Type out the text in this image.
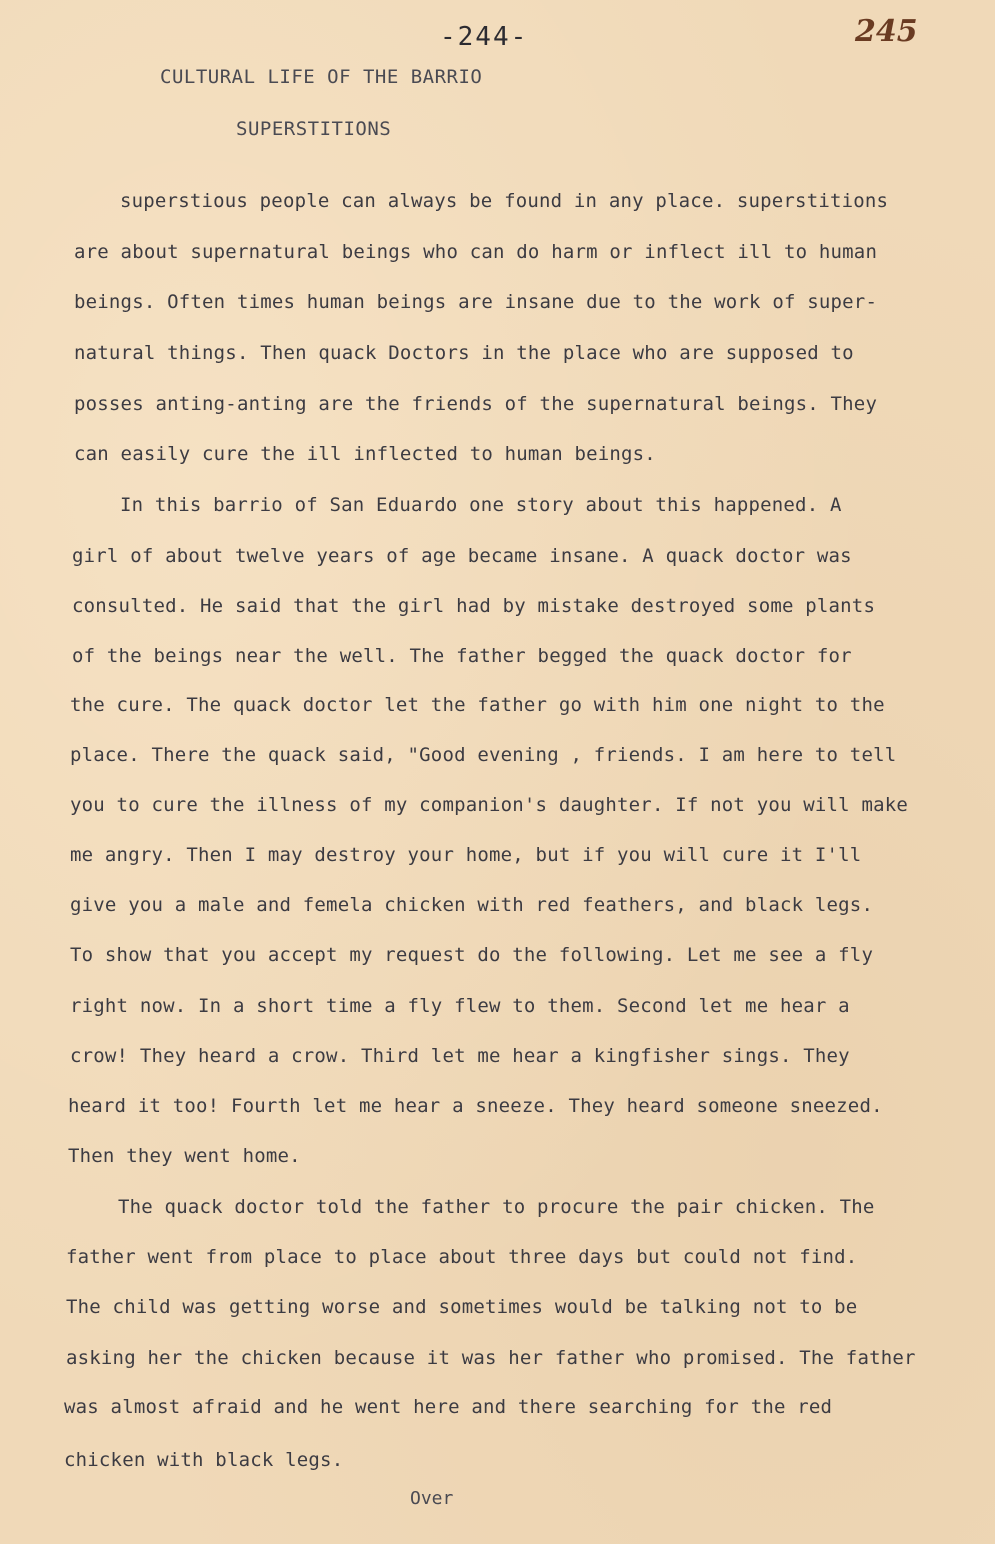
-244-	245
CULTURAL LIFE OF THE BARRIO
SUPERSTITIONS
superstious people can always be found in any place. superstitions
are about supernatural beings who can do harm or inflect ill to human
beings. Often times human beings are insane due to the work of super-
natural things. Then quack Doctors in the place who are supposed to
posses anting-anting are the friends of the supernatural beings. They
can easily cure the ill inflected to human beings.
In this barrio of San Eduardo one story about this happened. A
girl of about twelve years of age became insane. A quack doctor was
consulted. He said that the girl had by mistake destroyed some plants
of the beings near the well. The father begged the quack doctor for
the cure. The quack doctor let the father go with him one night to the
place. There the quack said, "Good evening , friends. I am here to tell
you to cure the illness of my companion's daughter. If not you will make
me angry. Then I may destroy your home, but if you will cure it I'll
give you a male and femela chicken with red feathers, and black legs.
To show that you accept my request do the following. Let me see a fly
right now. In a short time a fly flew to them. Second let me hear a
crow! They heard a crow. Third let me hear a kingfisher sings. They
heard it too! Fourth let me hear a sneeze. They heard someone sneezed.
Then they went home.
The quack doctor told the father to procure the pair chicken. The
father went from place to place about three days but could not find.
The child was getting worse and sometimes would be talking not to be
asking her the chicken because it was her father who promised. The father
was almost afraid and he went here and there searching for the red
chicken with black legs.
Over
